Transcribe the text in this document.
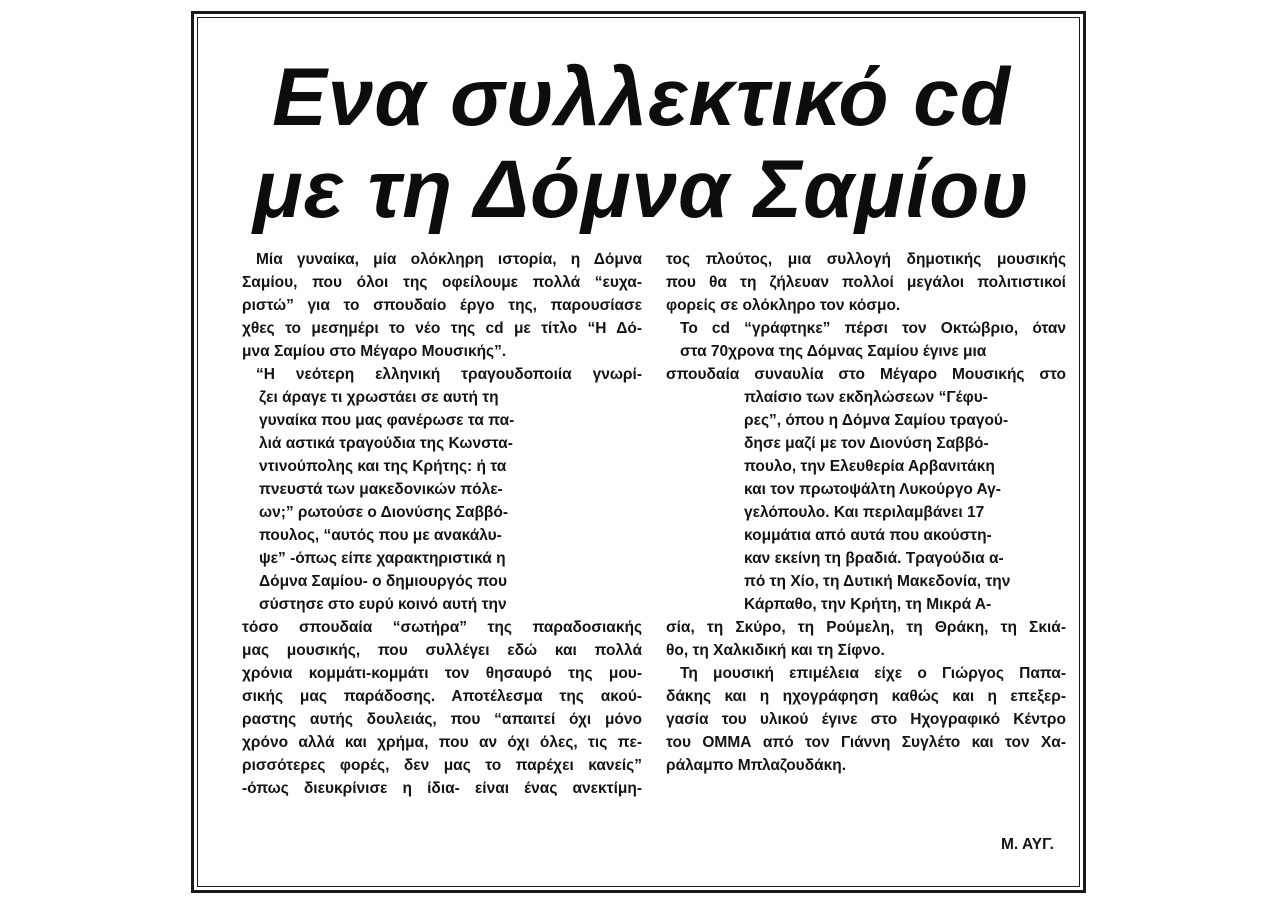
Ενα συλλεκτικό cd
με τη Δόμνα Σαμίου
Μία γυναίκα, μία ολόκληρη ιστορία, η Δόμνα
Σαμίου, που όλοι της οφείλουμε πολλά “ευχα-
ριστώ” για το σπουδαίο έργο της, παρουσίασε
χθες το μεσημέρι το νέο της cd με τίτλο “Η Δό-
μνα Σαμίου στο Μέγαρο Μουσικής”.
“Η νεότερη ελληνική τραγουδοποιία γνωρί-
ζει άραγε τι χρωστάει σε αυτή τη
γυναίκα που μας φανέρωσε τα πα-
λιά αστικά τραγούδια της Κωνστα-
ντινούπολης και της Κρήτης: ή τα
πνευστά των μακεδονικών πόλε-
ων;” ρωτούσε ο Διονύσης Σαββό-
πουλος, “αυτός που με ανακάλυ-
ψε” -όπως είπε χαρακτηριστικά η
Δόμνα Σαμίου- ο δημιουργός που
σύστησε στο ευρύ κοινό αυτή την
τόσο σπουδαία “σωτήρα” της παραδοσιακής
μας μουσικής, που συλλέγει εδώ και πολλά
χρόνια κομμάτι-κομμάτι τον θησαυρό της μου-
σικής μας παράδοσης. Αποτέλεσμα της ακού-
ραστης αυτής δουλειάς, που “απαιτεί όχι μόνο
χρόνο αλλά και χρήμα, που αν όχι όλες, τις πε-
ρισσότερες φορές, δεν μας το παρέχει κανείς”
-όπως διευκρίνισε η ίδια- είναι ένας ανεκτίμη-
τος πλούτος, μια συλλογή δημοτικής μουσικής
που θα τη ζήλευαν πολλοί μεγάλοι πολιτιστικοί
φορείς σε ολόκληρο τον κόσμο.
Το cd “γράφτηκε” πέρσι τον Οκτώβριο, όταν
στα 70χρονα της Δόμνας Σαμίου έγινε μια
σπουδαία συναυλία στο Μέγαρο Μουσικής στο
πλαίσιο των εκδηλώσεων “Γέφυ-
ρες”, όπου η Δόμνα Σαμίου τραγού-
δησε μαζί με τον Διονύση Σαββό-
πουλο, την Ελευθερία Αρβανιτάκη
και τον πρωτοψάλτη Λυκούργο Αγ-
γελόπουλο. Και περιλαμβάνει 17
κομμάτια από αυτά που ακούστη-
καν εκείνη τη βραδιά. Τραγούδια α-
πό τη Χίο, τη Δυτική Μακεδονία, την
Κάρπαθο, την Κρήτη, τη Μικρά Α-
σία, τη Σκύρο, τη Ρούμελη, τη Θράκη, τη Σκιά-
θο, τη Χαλκιδική και τη Σίφνο.
Τη μουσική επιμέλεια είχε ο Γιώργος Παπα-
δάκης και η ηχογράφηση καθώς και η επεξερ-
γασία του υλικού έγινε στο Ηχογραφικό Κέντρο
του ΟΜΜΑ από τον Γιάννη Συγλέτο και τον Χα-
ράλαμπο Μπλαζουδάκη.
Μ. ΑΥΓ.
